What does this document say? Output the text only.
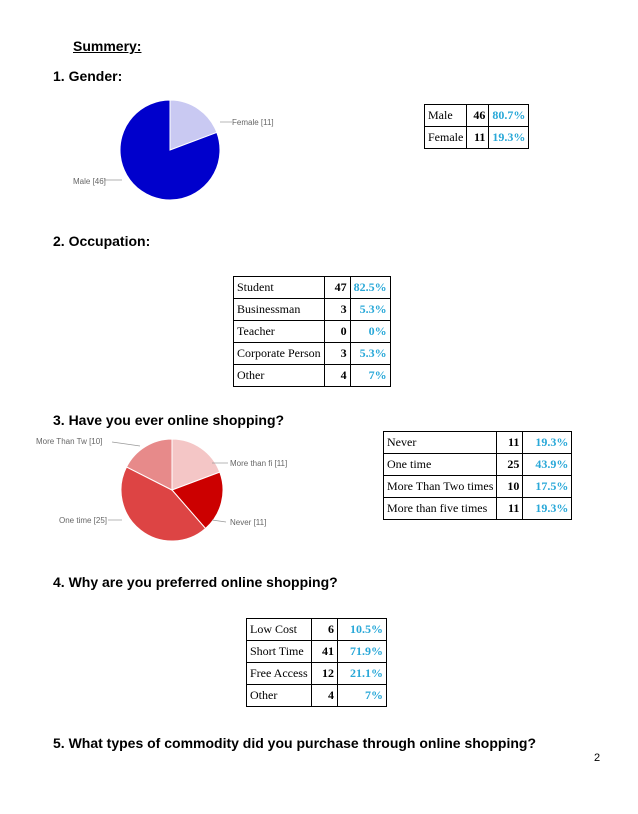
Summery:
1. Gender:
Female [11]
Male [46]
Male	46	80.7%
Female	11	19.3%
2. Occupation:
Student	47	82.5%
Businessman	3	5.3%
Teacher	0	0%
Corporate Person	3	5.3%
Other	4	7%
3. Have you ever online shopping?
More Than Tw [10]
More than fi [11]
One time [25]	Never [11]
Never	11	19.3%
One time	25	43.9%
More Than Two times	10	17.5%
More than five times	11	19.3%
4. Why are you preferred online shopping?
Low Cost	6	10.5%
Short Time	41	71.9%
Free Access	12	21.1%
Other	4	7%
5. What types of commodity did you purchase through online shopping?
2
